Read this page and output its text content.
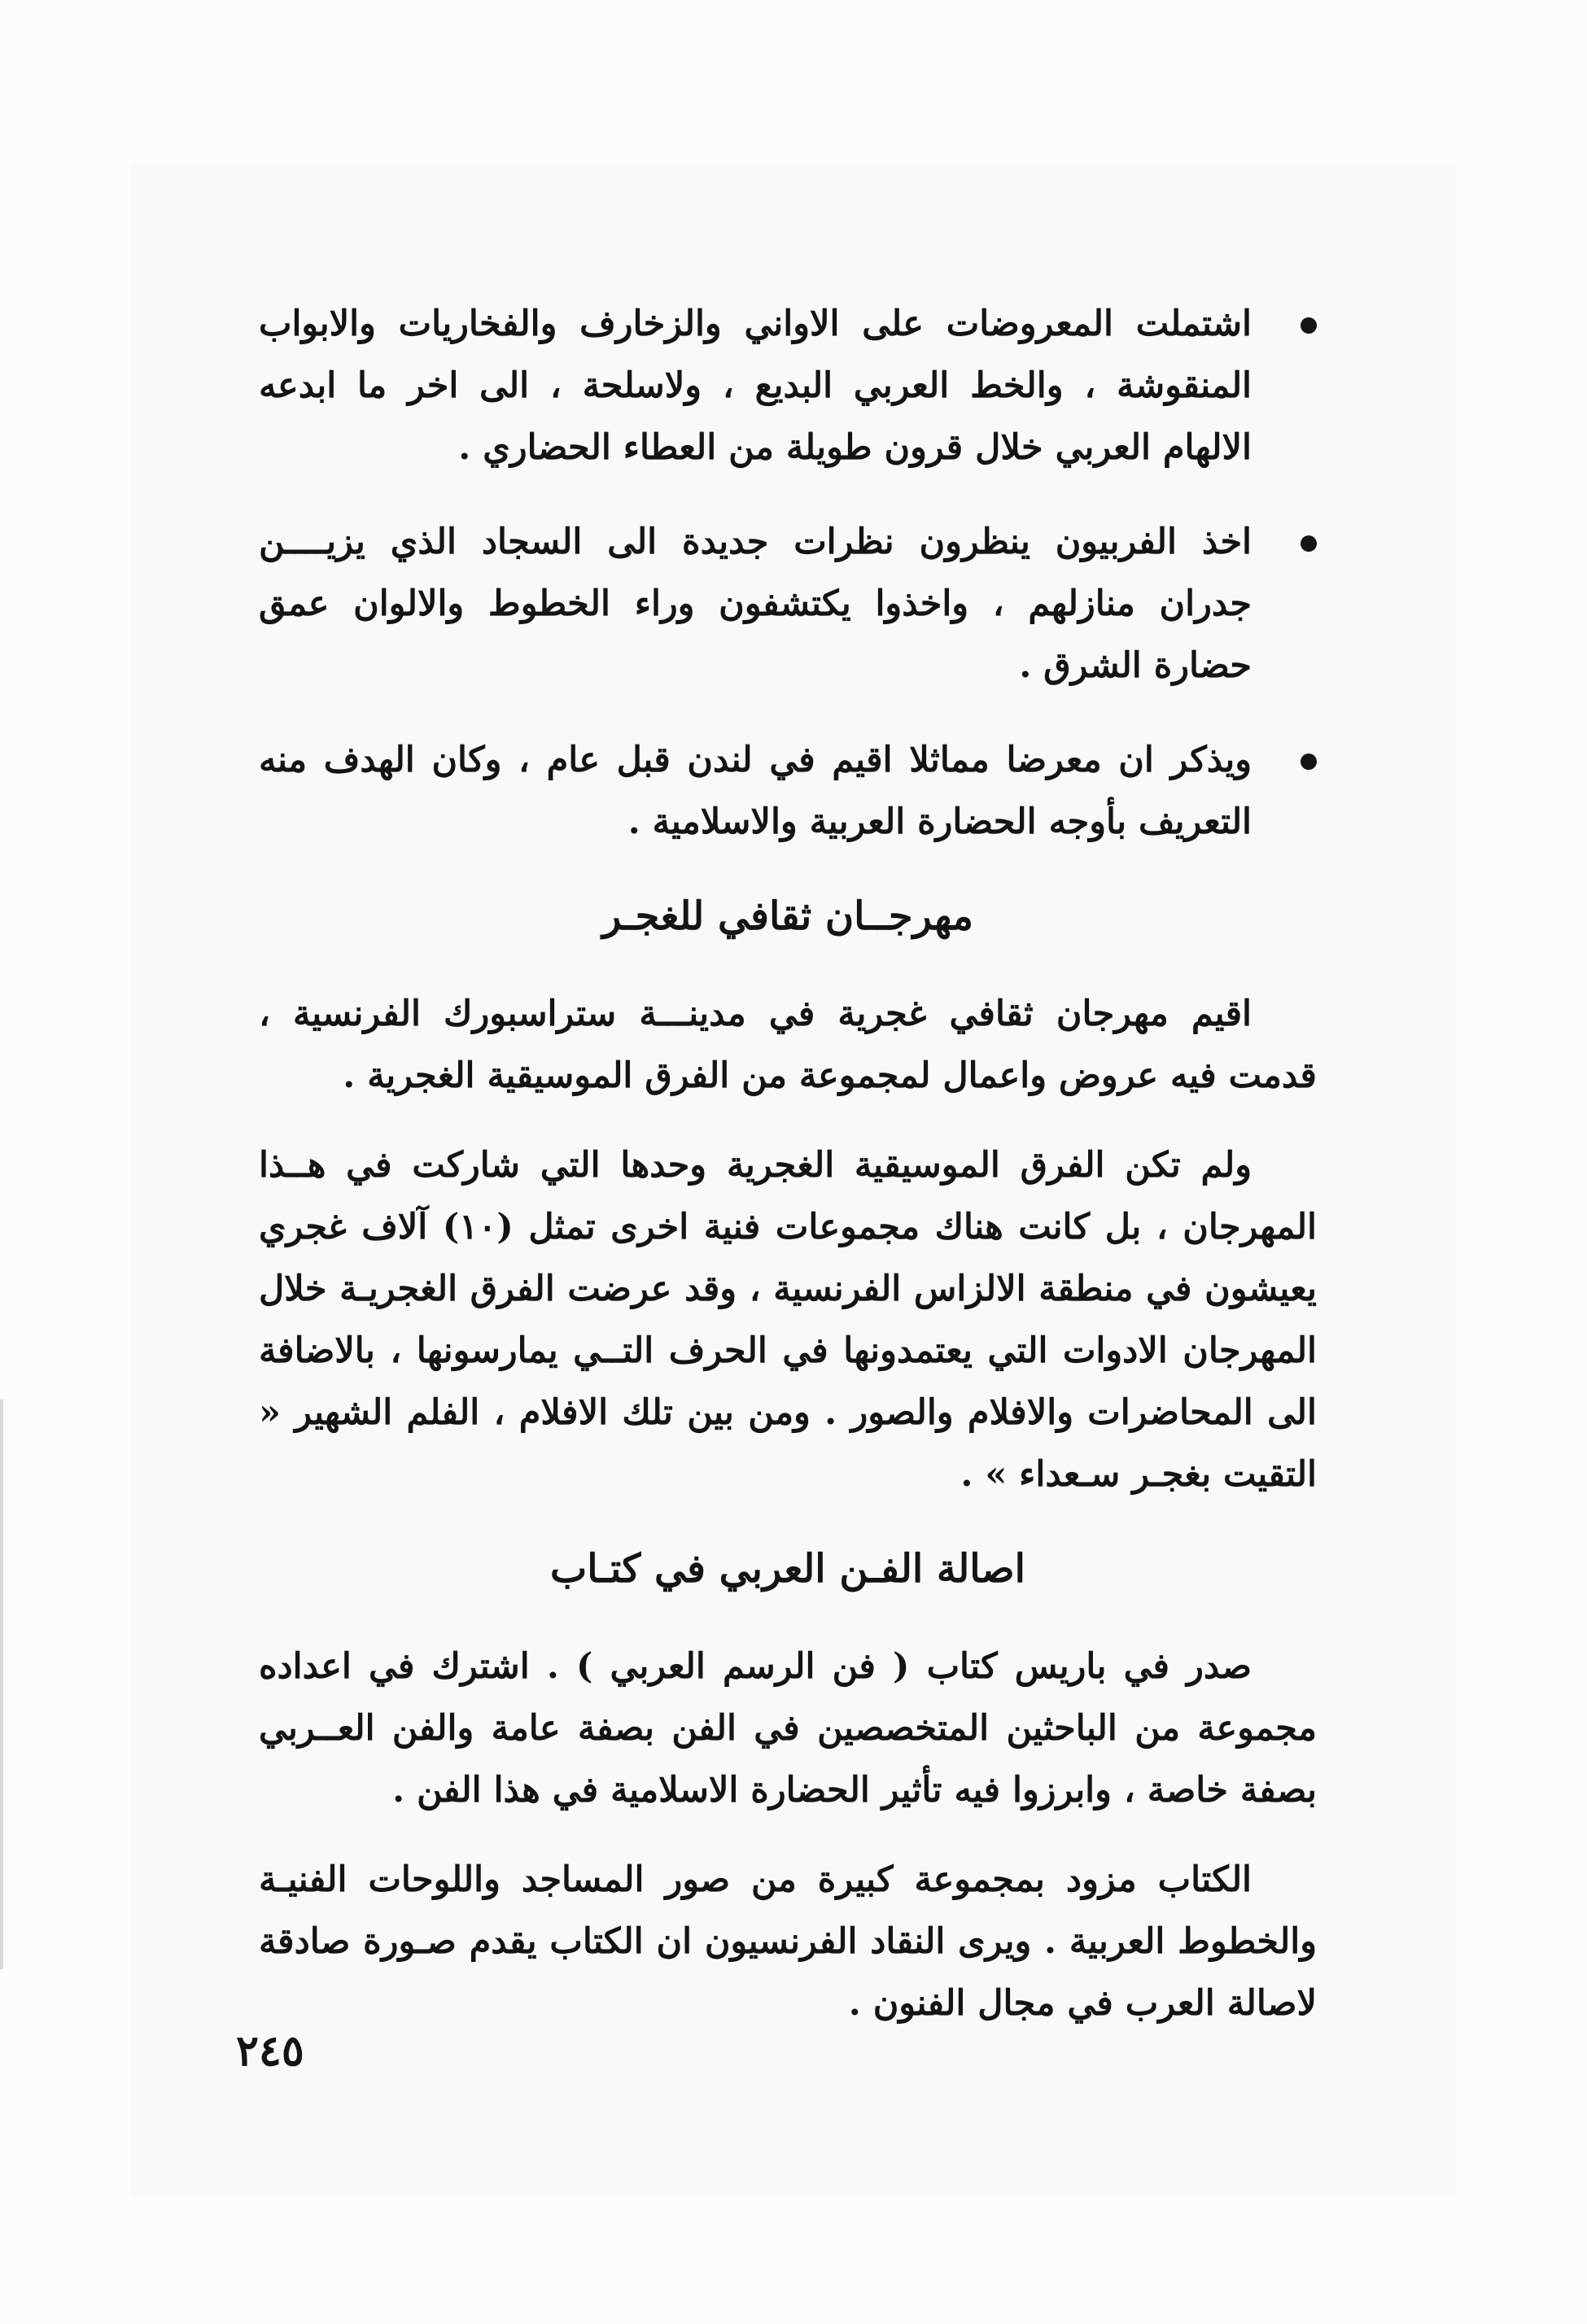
اشتملت المعروضات على الاواني والزخارف والفخاريات والابواب المنقوشة ، والخط العربي البديع ، ولاسلحة ، الى اخر ما ابدعه الالهام العربي خلال قرون طويلة من العطاء الحضاري .
اخذ الفربيون ينظرون نظرات جديدة الى السجاد الذي يزيــــن جدران منازلهم ، واخذوا يكتشفون وراء الخطوط والالوان عمق حضارة الشرق .
ويذكر ان معرضا مماثلا اقيم في لندن قبل عام ، وكان الهدف منه التعريف بأوجه الحضارة العربية والاسلامية .
مهرجــان ثقافي للغجـر

اقيم مهرجان ثقافي غجرية في مدينـــة ستراسبورك الفرنسية ، قدمت فيه عروض واعمال لمجموعة من الفرق الموسيقية الغجرية .

ولم تكن الفرق الموسيقية الغجرية وحدها التي شاركت في هــذا المهرجان ، بل كانت هناك مجموعات فنية اخرى تمثل (١٠) آلاف غجري يعيشون في منطقة الالزاس الفرنسية ، وقد عرضت الفرق الغجريـة خلال المهرجان الادوات التي يعتمدونها في الحرف التــي يمارسونها ، بالاضافة الى المحاضرات والافلام والصور . ومن بين تلك الافلام ، الفلم الشهير « التقيت بغجـر سـعداء » .

اصالة الفـن العربي في كتـاب

صدر في باريس كتاب ( فن الرسم العربي ) . اشترك في اعداده مجموعة من الباحثين المتخصصين في الفن بصفة عامة والفن العــربي بصفة خاصة ، وابرزوا فيه تأثير الحضارة الاسلامية في هذا الفن .

الكتاب مزود بمجموعة كبيرة من صور المساجد واللوحات الفنيـة والخطوط العربية . ويرى النقاد الفرنسيون ان الكتاب يقدم صـورة صادقة لاصالة العرب في مجال الفنون .

٢٤٥
